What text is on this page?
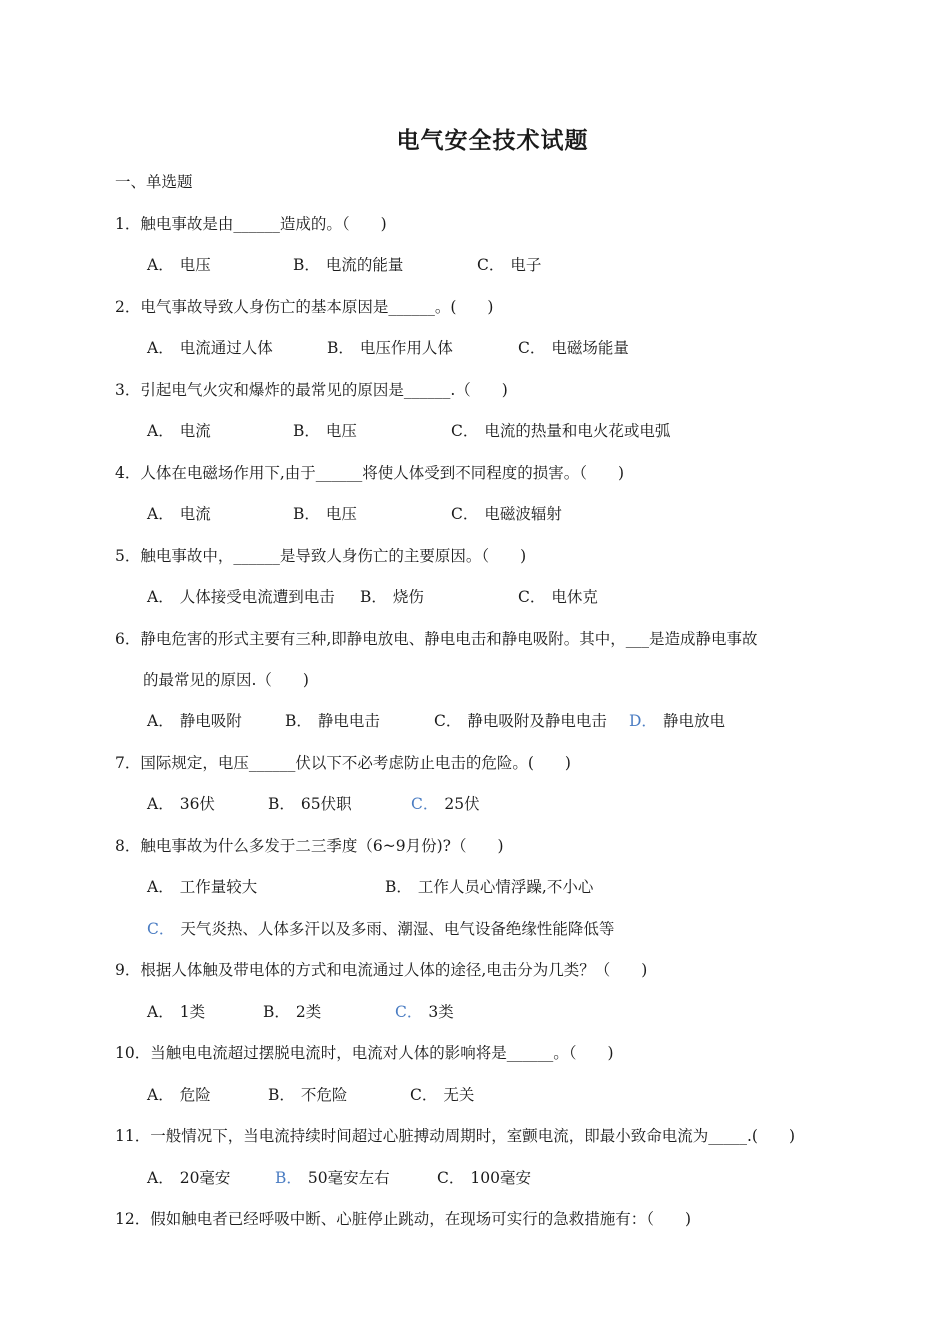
电气安全技术试题
一、单选题
1．触电事故是由______造成的。（　　)
A． 电压	B． 电流的能量	C． 电子
2．电气事故导致人身伤亡的基本原因是______。(　　)
A． 电流通过人体	B． 电压作用人体	C． 电磁场能量
3．引起电气火灾和爆炸的最常见的原因是______.（　　)
A． 电流	B． 电压	C． 电流的热量和电火花或电弧
4．人体在电磁场作用下,由于______将使人体受到不同程度的损害。（　　)
A． 电流	B． 电压	C． 电磁波辐射
5．触电事故中，______是导致人身伤亡的主要原因。（　　)
A． 人体接受电流遭到电击 B． 烧伤	C． 电休克
6．静电危害的形式主要有三种,即静电放电、静电电击和静电吸附。其中，___是造成静电事故
的最常见的原因.（　　)
A． 静电吸附	B． 静电电击	C． 静电吸附及静电电击 D． 静电放电
7．国际规定，电压______伏以下不必考虑防止电击的危险。(　　)
A． 36伏	B． 65伏职	C． 25伏
8．触电事故为什么多发于二三季度（6~9月份)?（　　)
A． 工作量较大	B． 工作人员心情浮躁,不小心
C． 天气炎热、人体多汗以及多雨、潮湿、电气设备绝缘性能降低等
9．根据人体触及带电体的方式和电流通过人体的途径,电击分为几类？（　　)
A． 1类	B． 2类	C． 3类
10．当触电电流超过摆脱电流时，电流对人体的影响将是______。（　　)
A． 危险	B． 不危险	C． 无关
11．一般情况下，当电流持续时间超过心脏搏动周期时，室颤电流，即最小致命电流为_____.(　　)
A． 20毫安	B． 50毫安左右	C． 100毫安
12．假如触电者已经呼吸中断、心脏停止跳动，在现场可实行的急救措施有：（　　)
